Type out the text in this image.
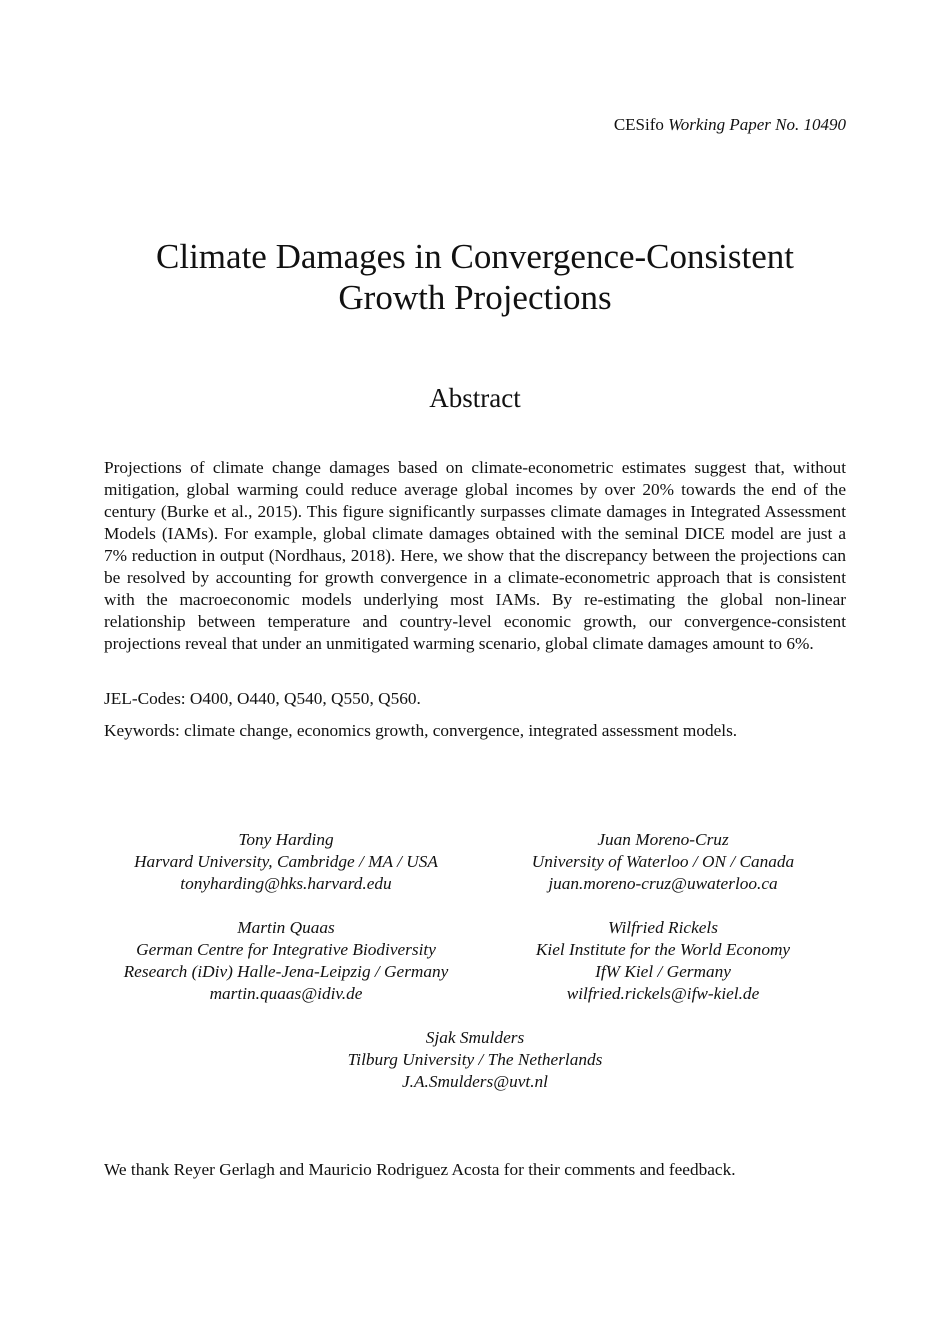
CESifo Working Paper No. 10490
Climate Damages in Convergence-Consistent
Growth Projections
Abstract

Projections of climate change damages based on climate-econometric estimates suggest that, without mitigation, global warming could reduce average global incomes by over 20% towards the end of the century (Burke et al., 2015). This figure significantly surpasses climate damages in Integrated Assessment Models (IAMs). For example, global climate damages obtained with the seminal DICE model are just a 7% reduction in output (Nordhaus, 2018). Here, we show that the discrepancy between the projections can be resolved by accounting for growth convergence in a climate-econometric approach that is consistent with the macroeconomic models underlying most IAMs. By re-estimating the global non-linear relationship between temperature and country-level economic growth, our convergence-consistent projections reveal that under an unmitigated warming scenario, global climate damages amount to 6%.

JEL-Codes: O400, O440, Q540, Q550, Q560.

Keywords: climate change, economics growth, convergence, integrated assessment models.

Tony Harding
Harvard University, Cambridge / MA / USA
tonyharding@hks.harvard.edu
Juan Moreno-Cruz
University of Waterloo / ON / Canada
juan.moreno-cruz@uwaterloo.ca
Martin Quaas
German Centre for Integrative Biodiversity
Research (iDiv) Halle-Jena-Leipzig / Germany
martin.quaas@idiv.de
Wilfried Rickels
Kiel Institute for the World Economy
IfW Kiel / Germany
wilfried.rickels@ifw-kiel.de
Sjak Smulders
Tilburg University / The Netherlands
J.A.Smulders@uvt.nl

We thank Reyer Gerlagh and Mauricio Rodriguez Acosta for their comments and feedback.
